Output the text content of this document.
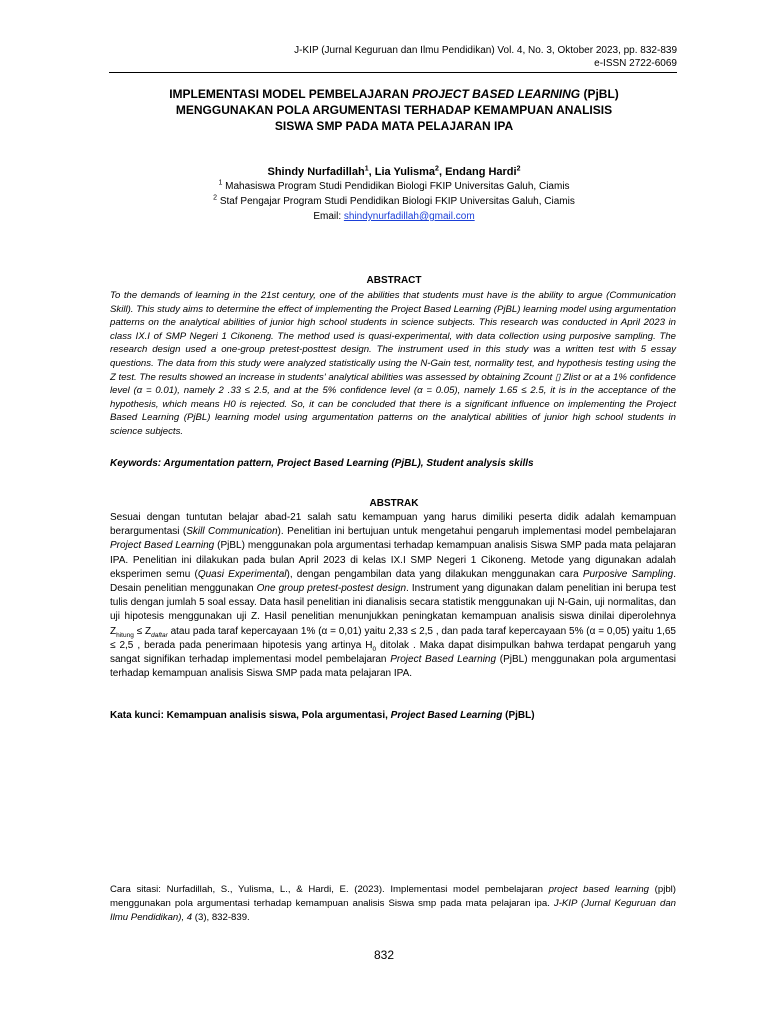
J-KIP (Jurnal Keguruan dan Ilmu Pendidikan) Vol. 4, No. 3, Oktober 2023, pp. 832-839
e-ISSN 2722-6069
IMPLEMENTASI MODEL PEMBELAJARAN PROJECT BASED LEARNING (PjBL)
MENGGUNAKAN POLA ARGUMENTASI TERHADAP KEMAMPUAN ANALISIS
SISWA SMP PADA MATA PELAJARAN IPA
Shindy Nurfadillah$^1$, Lia Yulisma$^2$, Endang Hardi$^2$
$^1$ Mahasiswa Program Studi Pendidikan Biologi FKIP Universitas Galuh, Ciamis
$^2$ Staf Pengajar Program Studi Pendidikan Biologi FKIP Universitas Galuh, Ciamis
Email: shindynurfadillah@gmail.com
ABSTRACT
To the demands of learning in the 21st century, one of the abilities that students must have is the ability to argue (Communication Skill). This study aims to determine the effect of implementing the Project Based Learning (PjBL) learning model using argumentation patterns on the analytical abilities of junior high school students in science subjects. This research was conducted in April 2023 in class IX.I of SMP Negeri 1 Cikoneng. The method used is quasi-experimental, with data collection using purposive sampling. The research design used a one-group pretest-posttest design. The instrument used in this study was a written test with 5 essay questions. The data from this study were analyzed statistically using the N-Gain test, normality test, and hypothesis testing using the Z test. The results showed an increase in students' analytical abilities was assessed by obtaining Zcount ▯ Zlist or at a 1% confidence level (α = 0.01), namely 2 .33 ≤ 2.5, and at the 5% confidence level (α = 0.05), namely 1.65 ≤ 2.5, it is in the acceptance of the hypothesis, which means H0 is rejected. So, it can be concluded that there is a significant influence on implementing the Project Based Learning (PjBL) learning model using argumentation patterns on the analytical abilities of junior high school students in science subjects.
Keywords: Argumentation pattern, Project Based Learning (PjBL), Student analysis skills
ABSTRAK
Sesuai dengan tuntutan belajar abad-21 salah satu kemampuan yang harus dimiliki peserta didik adalah kemampuan berargumentasi (Skill Communication). Penelitian ini bertujuan untuk mengetahui pengaruh implementasi model pembelajaran Project Based Learning (PjBL) menggunakan pola argumentasi terhadap kemampuan analisis Siswa SMP pada mata pelajaran IPA. Penelitian ini dilakukan pada bulan April 2023 di kelas IX.I SMP Negeri 1 Cikoneng. Metode yang digunakan adalah eksperimen semu (Quasi Experimental), dengan pengambilan data yang dilakukan menggunakan cara Purposive Sampling. Desain penelitian menggunakan One group pretest-postest design. Instrument yang digunakan dalam penelitian ini berupa test tulis dengan jumlah 5 soal essay. Data hasil penelitian ini dianalisis secara statistik menggunakan uji N-Gain, uji normalitas, dan uji hipotesis menggunakan uji Z. Hasil penelitian menunjukkan peningkatan kemampuan analisis siswa dinilai diperolehnya $Z_{hitung} \le Z_{daftar}$ atau pada taraf kepercayaan 1% (α = 0,01) yaitu 2,33 ≤ 2,5 , dan pada taraf kepercayaan 5% (α = 0,05) yaitu 1,65 ≤ 2,5 , berada pada penerimaan hipotesis yang artinya $H_0$ ditolak . Maka dapat disimpulkan bahwa terdapat pengaruh yang sangat signifikan terhadap implementasi model pembelajaran Project Based Learning (PjBL) menggunakan pola argumentasi terhadap kemampuan analisis Siswa SMP pada mata pelajaran IPA.
Kata kunci: Kemampuan analisis siswa, Pola argumentasi, Project Based Learning (PjBL)
Cara sitasi: Nurfadillah, S., Yulisma, L., & Hardi, E. (2023). Implementasi model pembelajaran project based learning (pjbl) menggunakan pola argumentasi terhadap kemampuan analisis Siswa smp pada mata pelajaran ipa. J-KIP (Jurnal Keguruan dan Ilmu Pendidikan), 4 (3), 832-839.
832
